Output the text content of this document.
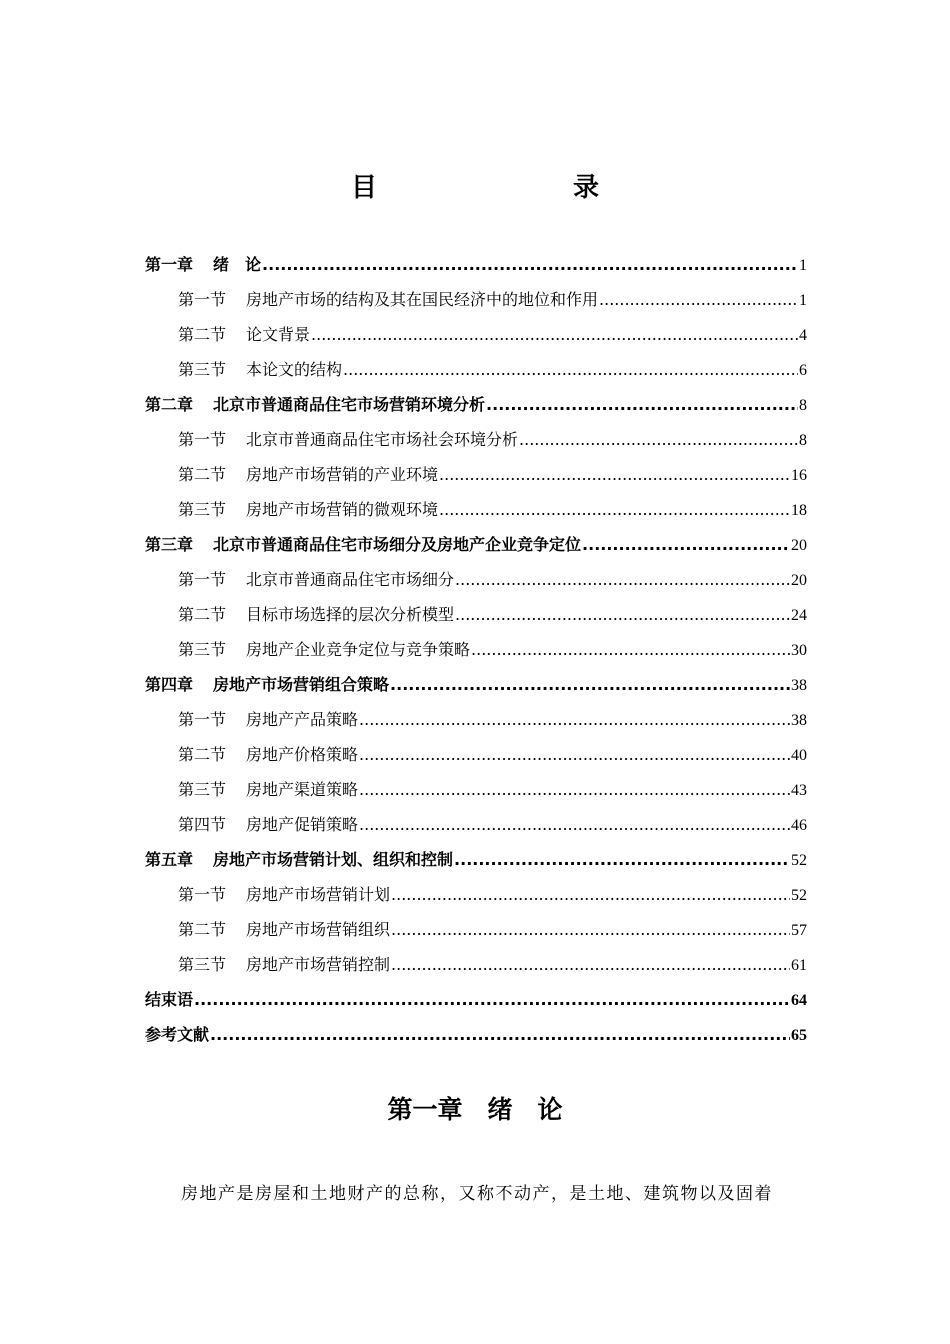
目　　录
第一章 绪　论 .....	1
第一节 房地产市场的结构及其在国民经济中的地位和作用 .....	1
第二节 论文背景 .....	4
第三节 本论文的结构 .....	6
第二章 北京市普通商品住宅市场营销环境分析 .....	8
第一节 北京市普通商品住宅市场社会环境分析 .....	8
第二节 房地产市场营销的产业环境 .....	16
第三节 房地产市场营销的微观环境 .....	18
第三章 北京市普通商品住宅市场细分及房地产企业竞争定位 .....	20
第一节 北京市普通商品住宅市场细分 .....	20
第二节 目标市场选择的层次分析模型 .....	24
第三节 房地产企业竞争定位与竞争策略 .....	30
第四章 房地产市场营销组合策略 .....	38
第一节 房地产产品策略 .....	38
第二节 房地产价格策略 .....	40
第三节 房地产渠道策略 .....	43
第四节 房地产促销策略 .....	46
第五章 房地产市场营销计划、组织和控制 .....	52
第一节 房地产市场营销计划 .....	52
第二节 房地产市场营销组织 .....	57
第三节 房地产市场营销控制 .....	61
结束语 .....	64
参考文献 .....	65
第一章　绪　论
房地产是房屋和土地财产的总称，又称不动产，是土地、建筑物以及固着
